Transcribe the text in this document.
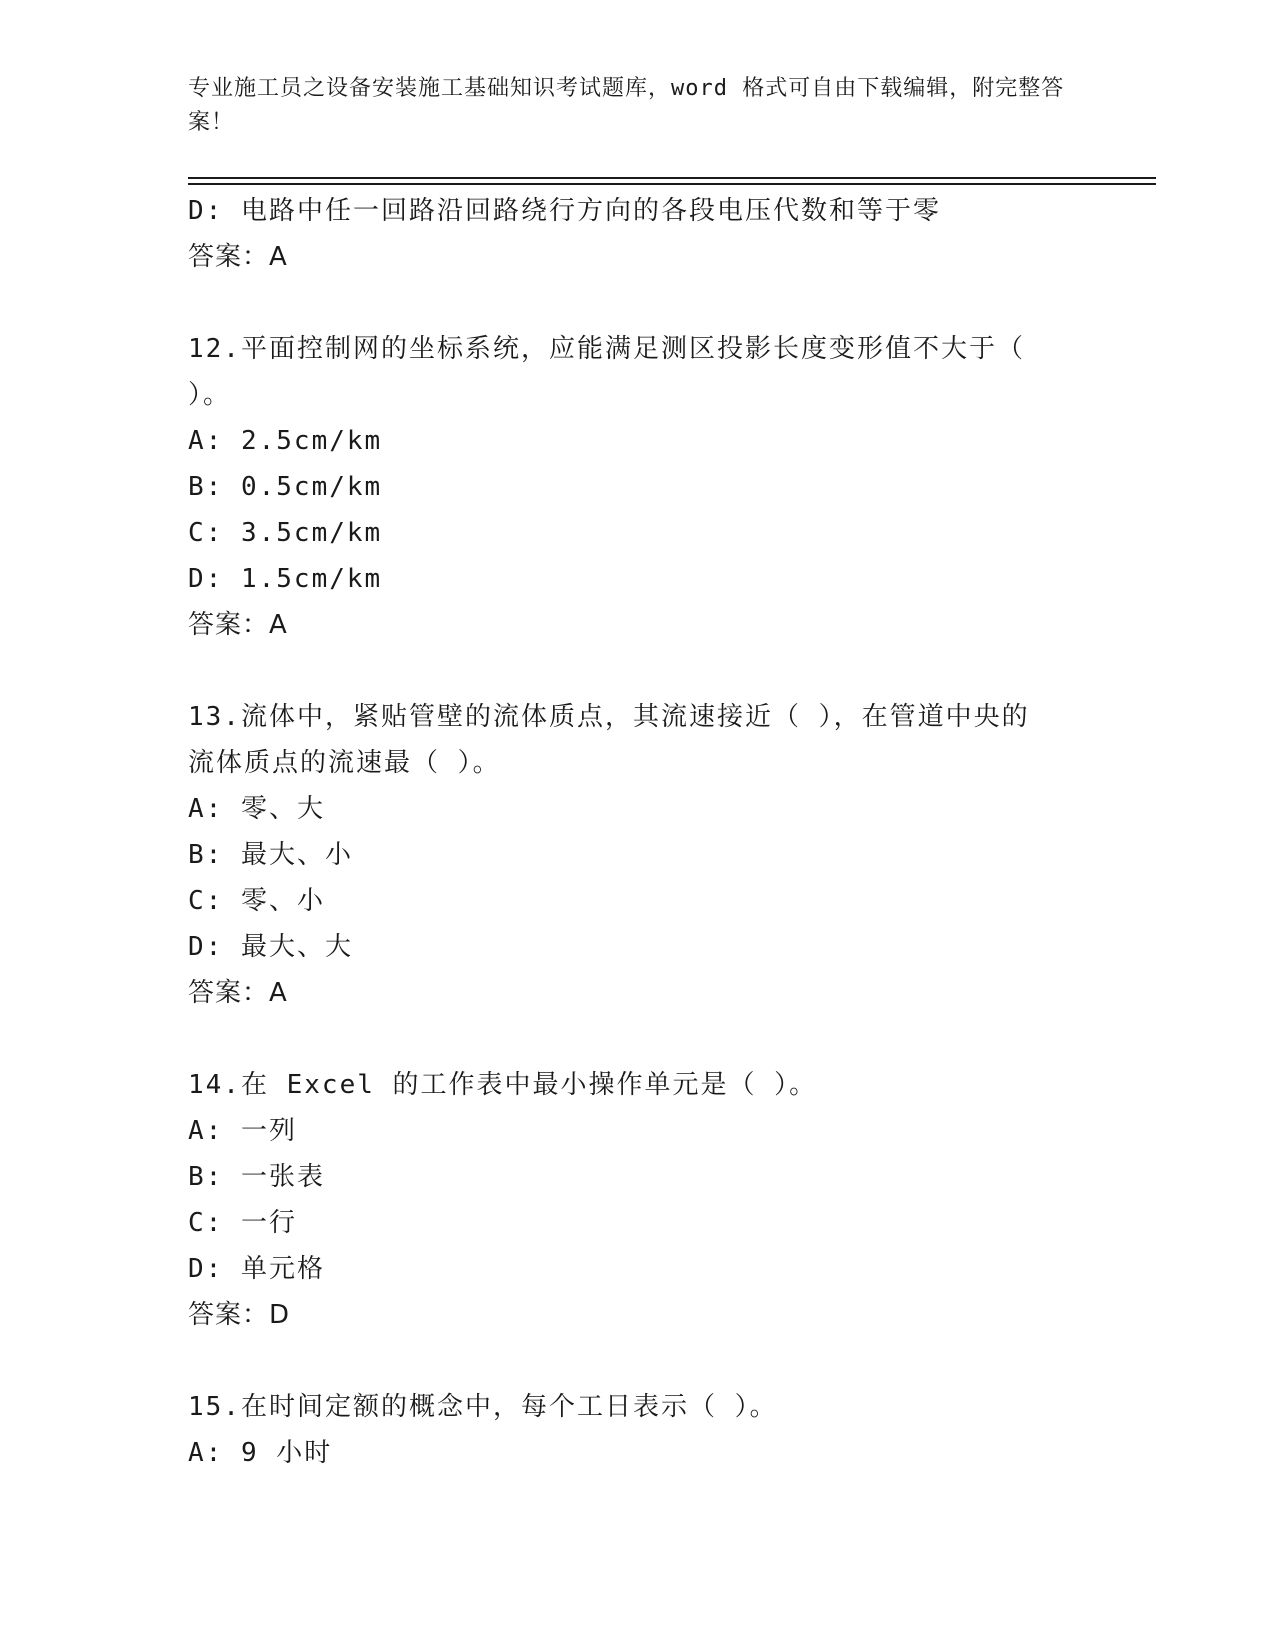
专业施工员之设备安装施工基础知识考试题库，word 格式可自由下载编辑，附完整答案！
D: 电路中任一回路沿回路绕行方向的各段电压代数和等于零
答案：A
12.平面控制网的坐标系统，应能满足测区投影长度变形值不大于（
）。
A: 2.5cm/km
B: 0.5cm/km
C: 3.5cm/km
D: 1.5cm/km
答案：A
13.流体中，紧贴管壁的流体质点，其流速接近（ ），在管道中央的
流体质点的流速最（ ）。
A: 零、大
B: 最大、小
C: 零、小
D: 最大、大
答案：A
14.在 Excel 的工作表中最小操作单元是（ ）。
A: 一列
B: 一张表
C: 一行
D: 单元格
答案：D
15.在时间定额的概念中，每个工日表示（ ）。
A: 9 小时
